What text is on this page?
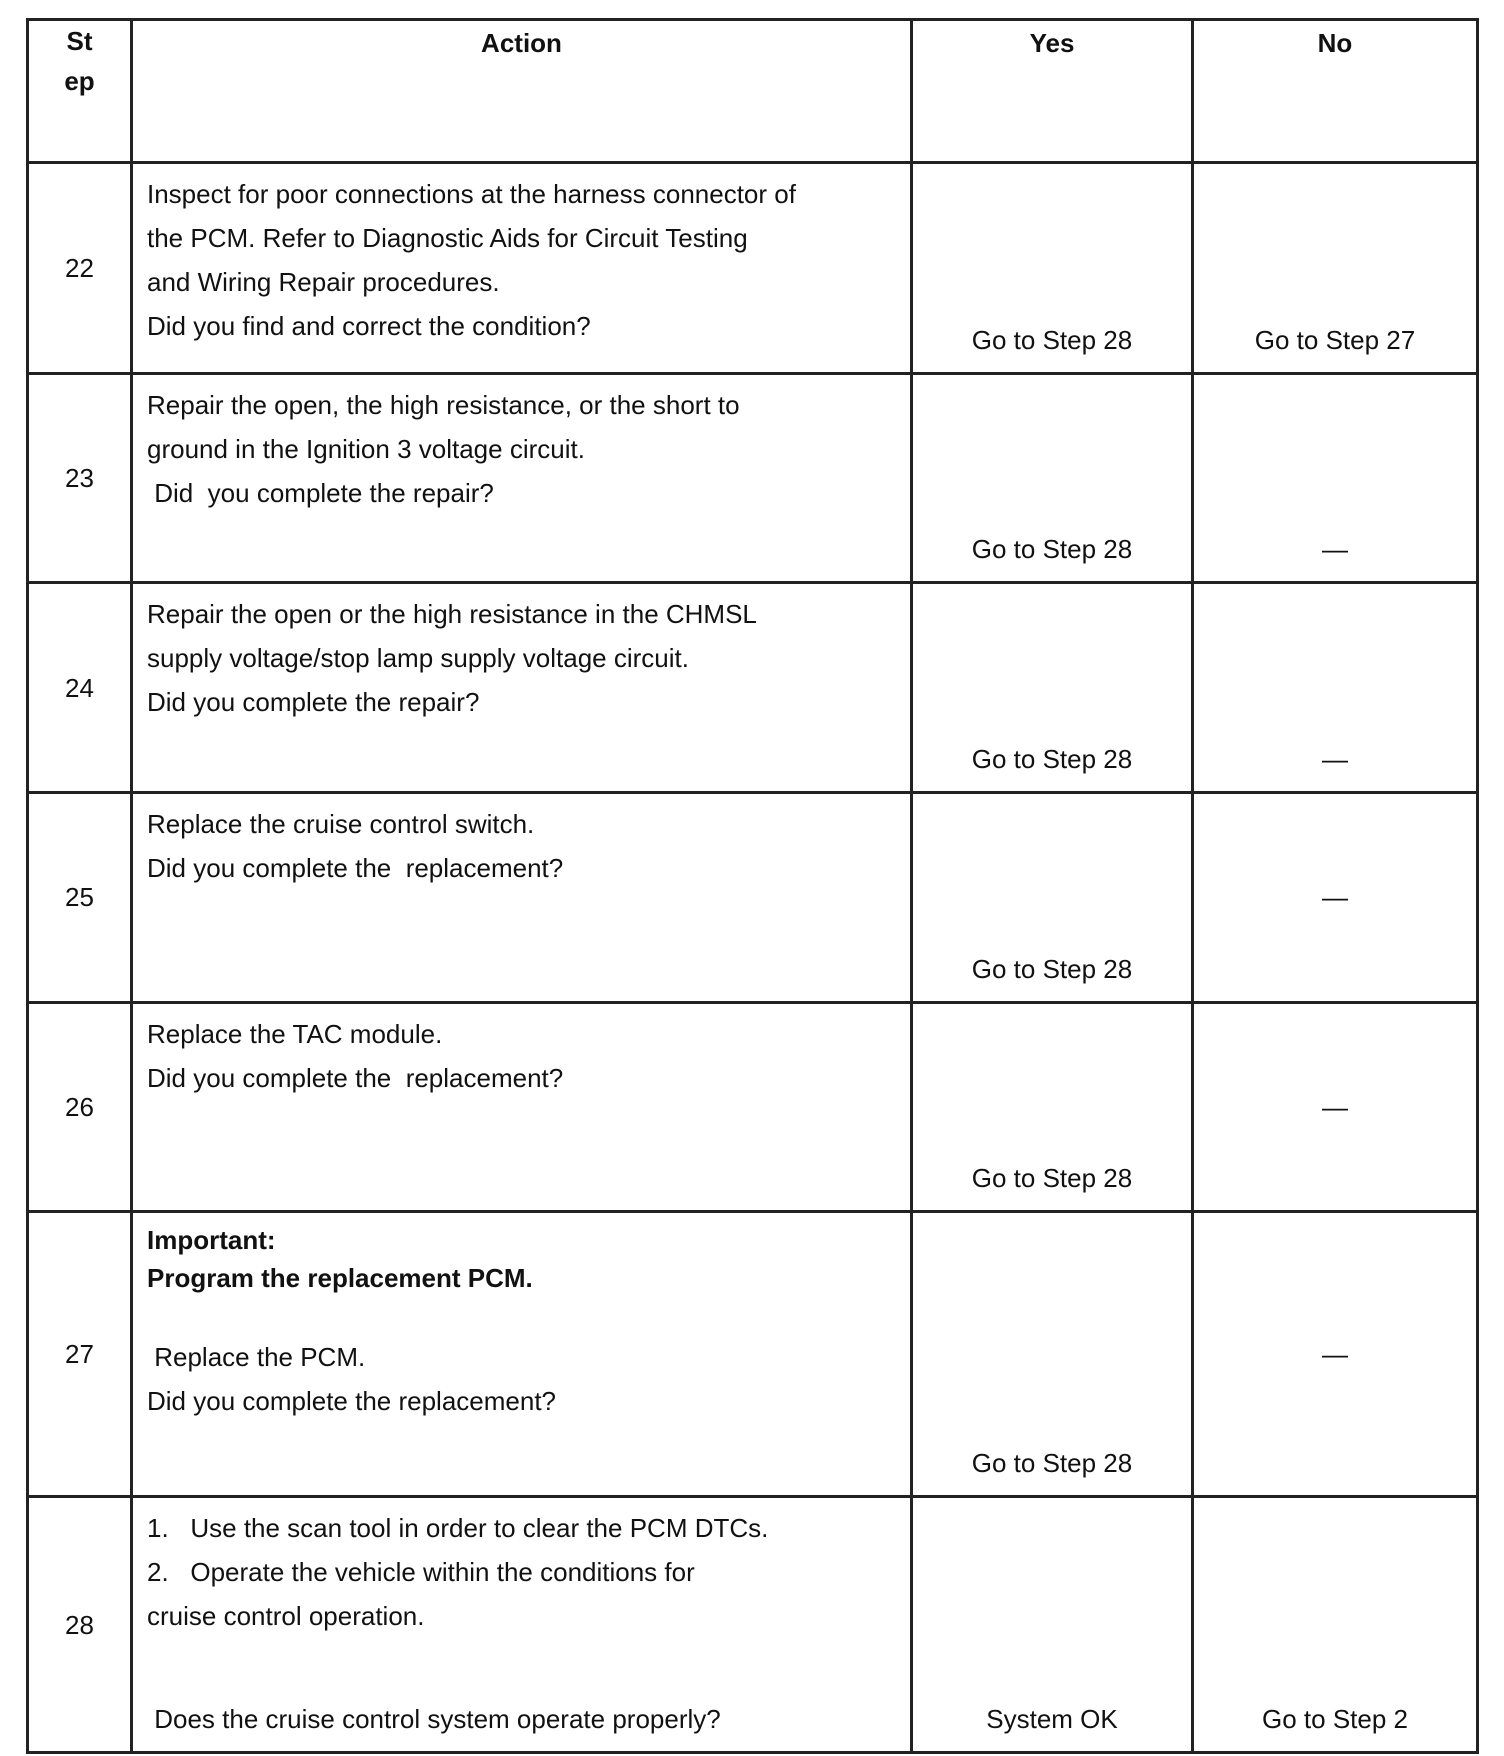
St
ep	Action	Yes	No

22	Inspect for poor connections at the harness connector of
the PCM. Refer to Diagnostic Aids for Circuit Testing
and Wiring Repair procedures.
Did you find and correct the condition?	Go to Step 28	Go to Step 27

23	Repair the open, the high resistance, or the short to
ground in the Ignition 3 voltage circuit.
Did  you complete the repair?	Go to Step 28	—

24	Repair the open or the high resistance in the CHMSL
supply voltage/stop lamp supply voltage circuit.
Did you complete the repair?	Go to Step 28	—

25	Replace the cruise control switch.
Did you complete the  replacement?	Go to Step 28	—

26	Replace the TAC module.
Did you complete the  replacement?	Go to Step 28	—

27	Important:
Program the replacement PCM.
Replace the PCM.
Did you complete the replacement?	Go to Step 28	—

28	1.   Use the scan tool in order to clear the PCM DTCs.
2.   Operate the vehicle within the conditions for
cruise control operation.
Does the cruise control system operate properly?	System OK	Go to Step 2
